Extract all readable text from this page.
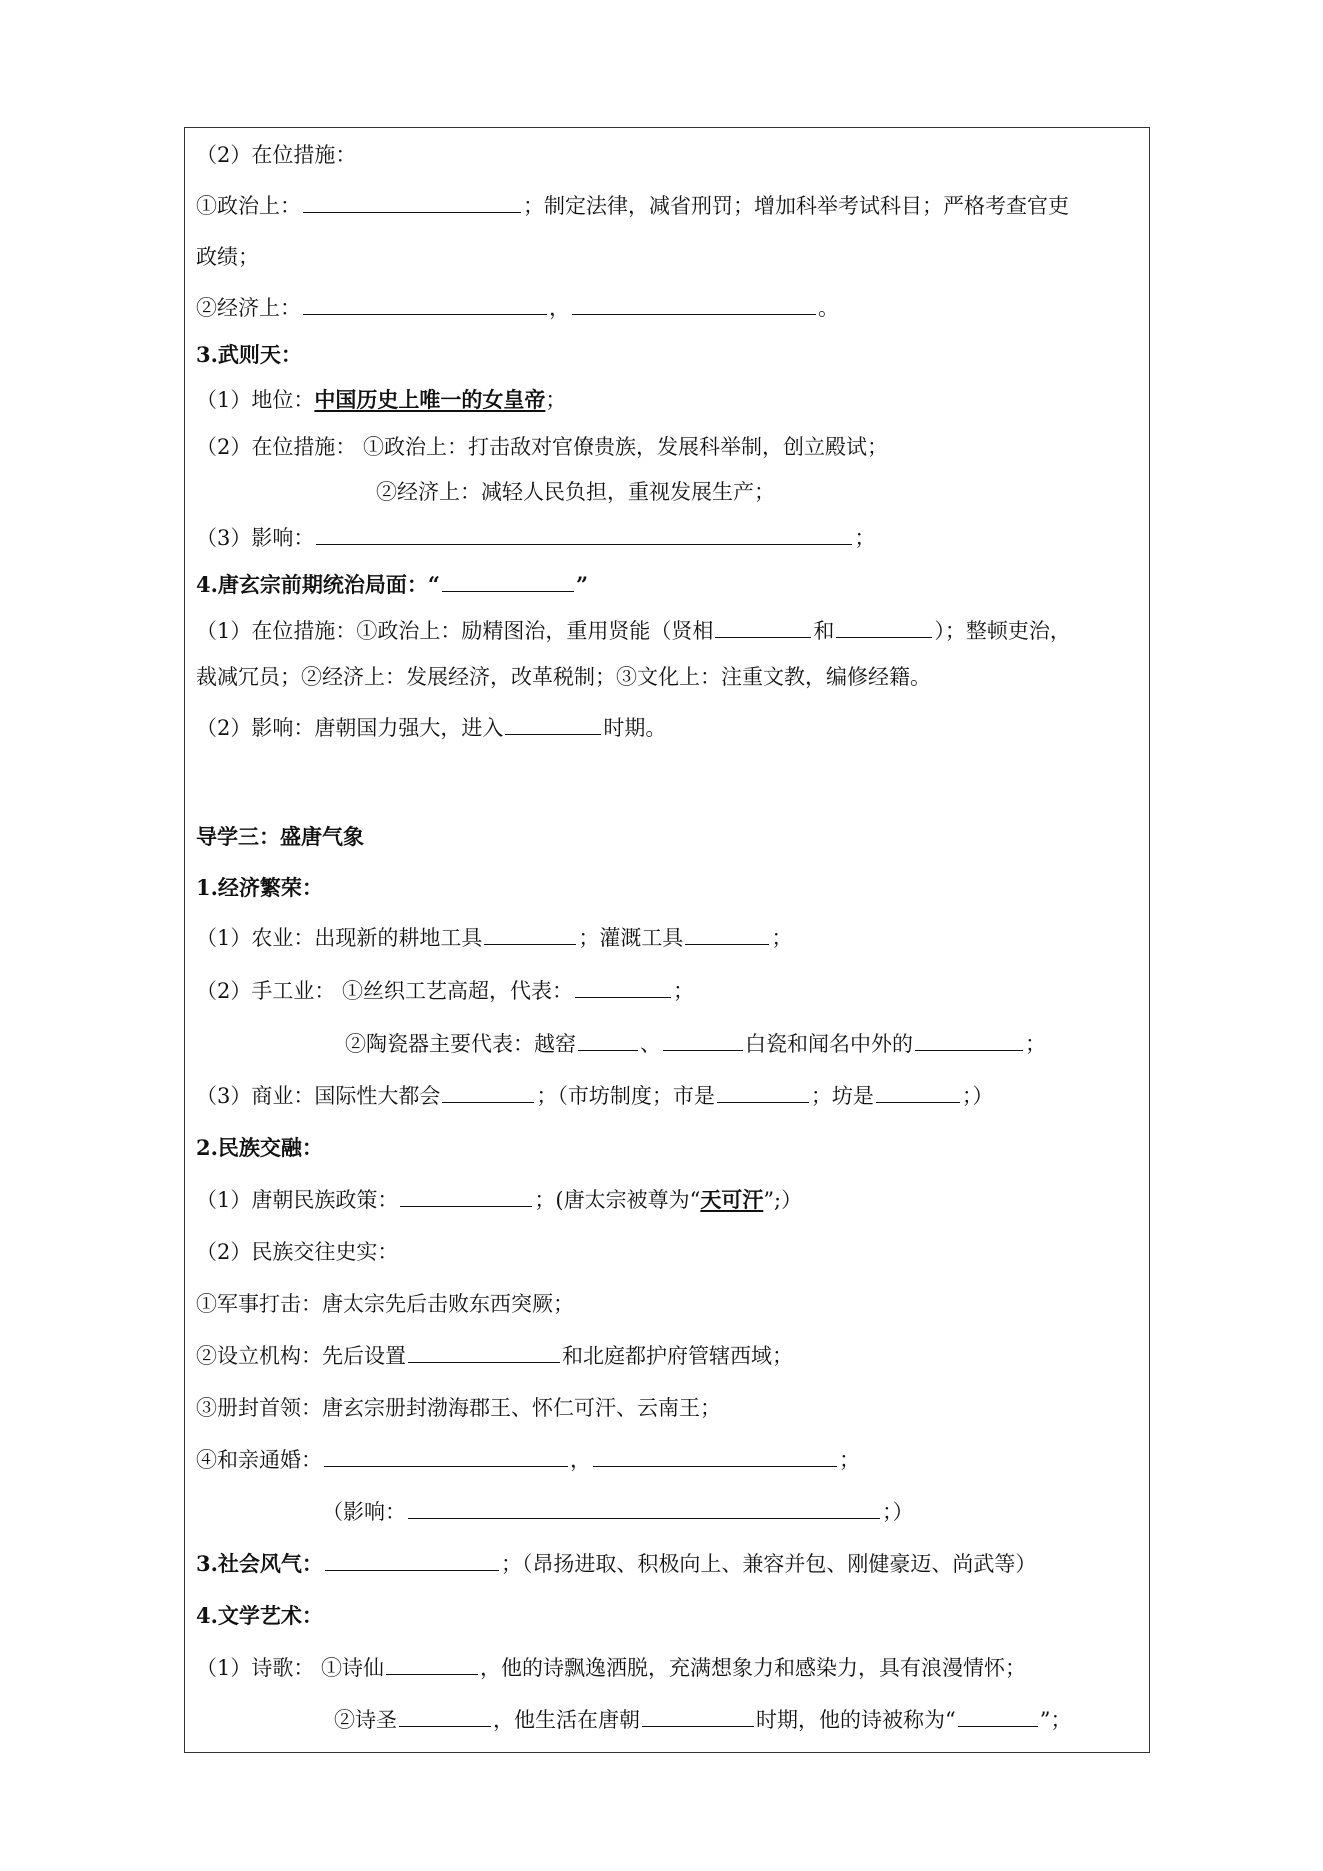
（2）在位措施：
①政治上：	；制定法律，减省刑罚；增加科举考试科目；严格考查官吏
政绩；
②经济上：	，	。
3.武则天：
（1）地位：中国历史上唯一的女皇帝；
（2）在位措施： ①政治上：打击敌对官僚贵族，发展科举制，创立殿试；
②经济上：减轻人民负担，重视发展生产；
（3）影响：	；
4.唐玄宗前期统治局面：“	”
（1）在位措施：①政治上：励精图治，重用贤能（贤相	和	）；整顿吏治，
裁减冗员；②经济上：发展经济，改革税制；③文化上：注重文教，编修经籍。
（2）影响：唐朝国力强大，进入	时期。
导学三：盛唐气象
1.经济繁荣：
（1）农业：出现新的耕地工具	；灌溉工具	；
（2）手工业： ①丝织工艺高超，代表：	；
②陶瓷器主要代表：越窑	、	白瓷和闻名中外的	；
（3）商业：国际性大都会	；（市坊制度；市是	；坊是	；）
2.民族交融：
（1）唐朝民族政策：	；(唐太宗被尊为“天可汗”;）
（2）民族交往史实：
①军事打击：唐太宗先后击败东西突厥；
②设立机构：先后设置	和北庭都护府管辖西域；
③册封首领：唐玄宗册封渤海郡王、怀仁可汗、云南王；
④和亲通婚：	，	；
（影响：	；）
3.社会风气：	；（昂扬进取、积极向上、兼容并包、刚健豪迈、尚武等）
4.文学艺术：
（1）诗歌： ①诗仙	，他的诗飘逸洒脱，充满想象力和感染力，具有浪漫情怀；
②诗圣	，他生活在唐朝	时期，他的诗被称为“	”；
